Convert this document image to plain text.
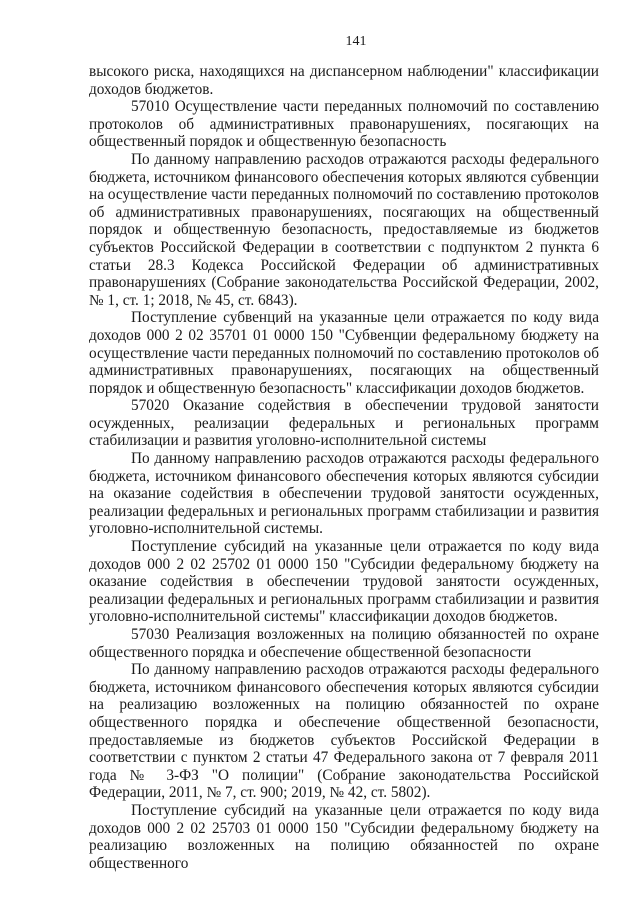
141

высокого риска, находящихся на диспансерном наблюдении" классификации доходов бюджетов.

57010 Осуществление части переданных полномочий по составлению протоколов об административных правонарушениях, посягающих на общественный порядок и общественную безопасность

По данному направлению расходов отражаются расходы федерального бюджета, источником финансового обеспечения которых являются субвенции на осуществление части переданных полномочий по составлению протоколов об административных правонарушениях, посягающих на общественный порядок и общественную безопасность, предоставляемые из бюджетов субъектов Российской Федерации в соответствии с подпунктом 2 пункта 6 статьи 28.3 Кодекса Российской Федерации об административных правонарушениях (Собрание законодательства Российской Федерации, 2002, № 1, ст. 1; 2018, № 45, ст. 6843).

Поступление субвенций на указанные цели отражается по коду вида доходов 000 2 02 35701 01 0000 150 "Субвенции федеральному бюджету на осуществление части переданных полномочий по составлению протоколов об административных правонарушениях, посягающих на общественный порядок и общественную безопасность" классификации доходов бюджетов.

57020 Оказание содействия в обеспечении трудовой занятости осужденных, реализации федеральных и региональных программ стабилизации и развития уголовно-исполнительной системы

По данному направлению расходов отражаются расходы федерального бюджета, источником финансового обеспечения которых являются субсидии на оказание содействия в обеспечении трудовой занятости осужденных, реализации федеральных и региональных программ стабилизации и развития уголовно-исполнительной системы.

Поступление субсидий на указанные цели отражается по коду вида доходов 000 2 02 25702 01 0000 150 "Субсидии федеральному бюджету на оказание содействия в обеспечении трудовой занятости осужденных, реализации федеральных и региональных программ стабилизации и развития уголовно-исполнительной системы" классификации доходов бюджетов.

57030 Реализация возложенных на полицию обязанностей по охране общественного порядка и обеспечение общественной безопасности

По данному направлению расходов отражаются расходы федерального бюджета, источником финансового обеспечения которых являются субсидии на реализацию возложенных на полицию обязанностей по охране общественного порядка и обеспечение общественной безопасности, предоставляемые из бюджетов субъектов Российской Федерации в соответствии с пунктом 2 статьи 47 Федерального закона от 7 февраля 2011 года № 3-ФЗ "О полиции" (Собрание законодательства Российской Федерации, 2011, № 7, ст. 900; 2019, № 42, ст. 5802).

Поступление субсидий на указанные цели отражается по коду вида доходов 000 2 02 25703 01 0000 150 "Субсидии федеральному бюджету на реализацию возложенных на полицию обязанностей по охране общественного
